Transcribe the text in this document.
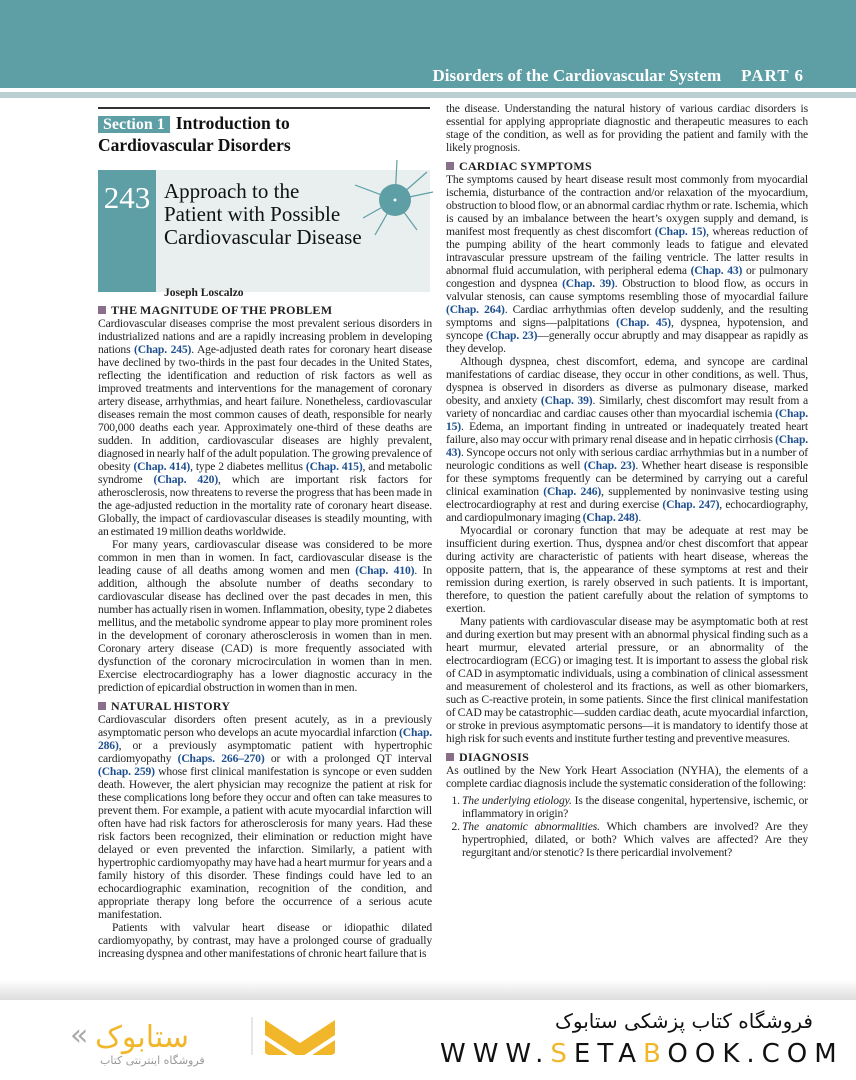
Disorders of the Cardiovascular System PART 6
Section 1 Introduction to
Cardiovascular Disorders
243 Approach to the
Patient with Possible
Cardiovascular Disease
Joseph Loscalzo
THE MAGNITUDE OF THE PROBLEM

Cardiovascular diseases comprise the most prevalent serious disorders in industrialized nations and are a rapidly increasing problem in developing nations (Chap. 245). Age-adjusted death rates for coronary heart disease have declined by two-thirds in the past four decades in the United States, reflecting the identification and reduction of risk factors as well as improved treatments and interventions for the management of coronary artery disease, arrhythmias, and heart failure. Nonetheless, cardiovascular diseases remain the most common causes of death, responsible for nearly 700,000 deaths each year. Approximately one-third of these deaths are sudden. In addition, cardiovascular diseases are highly prevalent, diagnosed in nearly half of the adult population. The growing prevalence of obesity (Chap. 414), type 2 diabetes mellitus (Chap. 415), and metabolic syndrome (Chap. 420), which are important risk factors for atherosclerosis, now threatens to reverse the progress that has been made in the age-adjusted reduction in the mortality rate of coronary heart disease. Globally, the impact of cardiovascular diseases is steadily mounting, with an estimated 19 million deaths worldwide.

For many years, cardiovascular disease was considered to be more common in men than in women. In fact, cardiovascular disease is the leading cause of all deaths among women and men (Chap. 410). In addition, although the absolute number of deaths secondary to cardiovascular disease has declined over the past decades in men, this number has actually risen in women. Inflammation, obesity, type 2 diabetes mellitus, and the metabolic syndrome appear to play more prominent roles in the development of coronary atherosclerosis in women than in men. Coronary artery disease (CAD) is more frequently associated with dysfunction of the coronary microcirculation in women than in men. Exercise electrocardiography has a lower diagnostic accuracy in the prediction of epicardial obstruction in women than in men.

NATURAL HISTORY

Cardiovascular disorders often present acutely, as in a previously asymptomatic person who develops an acute myocardial infarction (Chap. 286), or a previously asymptomatic patient with hypertrophic cardiomyopathy (Chaps. 266–270) or with a prolonged QT interval (Chap. 259) whose first clinical manifestation is syncope or even sudden death. However, the alert physician may recognize the patient at risk for these complications long before they occur and often can take measures to prevent them. For example, a patient with acute myocardial infarction will often have had risk factors for atherosclerosis for many years. Had these risk factors been recognized, their elimination or reduction might have delayed or even prevented the infarction. Similarly, a patient with hypertrophic cardiomyopathy may have had a heart murmur for years and a family history of this disorder. These findings could have led to an echocardiographic examination, recognition of the condition, and appropriate therapy long before the occurrence of a serious acute manifestation.

Patients with valvular heart disease or idiopathic dilated cardiomyopathy, by contrast, may have a prolonged course of gradually increasing dyspnea and other manifestations of chronic heart failure that is

the disease. Understanding the natural history of various cardiac disorders is essential for applying appropriate diagnostic and therapeutic measures to each stage of the condition, as well as for providing the patient and family with the likely prognosis.

CARDIAC SYMPTOMS

The symptoms caused by heart disease result most commonly from myocardial ischemia, disturbance of the contraction and/or relaxation of the myocardium, obstruction to blood flow, or an abnormal cardiac rhythm or rate. Ischemia, which is caused by an imbalance between the heart’s oxygen supply and demand, is manifest most frequently as chest discomfort (Chap. 15), whereas reduction of the pumping ability of the heart commonly leads to fatigue and elevated intravascular pressure upstream of the failing ventricle. The latter results in abnormal fluid accumulation, with peripheral edema (Chap. 43) or pulmonary congestion and dyspnea (Chap. 39). Obstruction to blood flow, as occurs in valvular stenosis, can cause symptoms resembling those of myocardial failure (Chap. 264). Cardiac arrhythmias often develop suddenly, and the resulting symptoms and signs—palpitations (Chap. 45), dyspnea, hypotension, and syncope (Chap. 23)—generally occur abruptly and may disappear as rapidly as they develop.

Although dyspnea, chest discomfort, edema, and syncope are cardinal manifestations of cardiac disease, they occur in other conditions, as well. Thus, dyspnea is observed in disorders as diverse as pulmonary disease, marked obesity, and anxiety (Chap. 39). Similarly, chest discomfort may result from a variety of noncardiac and cardiac causes other than myocardial ischemia (Chap. 15). Edema, an important finding in untreated or inadequately treated heart failure, also may occur with primary renal disease and in hepatic cirrhosis (Chap. 43). Syncope occurs not only with serious cardiac arrhythmias but in a number of neurologic conditions as well (Chap. 23). Whether heart disease is responsible for these symptoms frequently can be determined by carrying out a careful clinical examination (Chap. 246), supplemented by noninvasive testing using electrocardiography at rest and during exercise (Chap. 247), echocardiography, and cardiopulmonary imaging (Chap. 248).

Myocardial or coronary function that may be adequate at rest may be insufficient during exertion. Thus, dyspnea and/or chest discomfort that appear during activity are characteristic of patients with heart disease, whereas the opposite pattern, that is, the appearance of these symptoms at rest and their remission during exertion, is rarely observed in such patients. It is important, therefore, to question the patient carefully about the relation of symptoms to exertion.

Many patients with cardiovascular disease may be asymptomatic both at rest and during exertion but may present with an abnormal physical finding such as a heart murmur, elevated arterial pressure, or an abnormality of the electrocardiogram (ECG) or imaging test. It is important to assess the global risk of CAD in asymptomatic individuals, using a combination of clinical assessment and measurement of cholesterol and its fractions, as well as other biomarkers, such as C-reactive protein, in some patients. Since the first clinical manifestation of CAD may be catastrophic—sudden cardiac death, acute myocardial infarction, or stroke in previous asymptomatic persons—it is mandatory to identify those at high risk for such events and institute further testing and preventive measures.

DIAGNOSIS

As outlined by the New York Heart Association (NYHA), the elements of a complete cardiac diagnosis include the systematic consideration of the following:

1. The underlying etiology. Is the disease congenital, hypertensive, ischemic, or inflammatory in origin?
2. The anatomic abnormalities. Which chambers are involved? Are they hypertrophied, dilated, or both? Which valves are affected? Are they regurgitant and/or stenotic? Is there pericardial involvement?
« ستابوک
فروشگاه اینترنتی کتاب
فروشگاه کتاب پزشکی ستابوک
WWW.SETABOOK.COM
